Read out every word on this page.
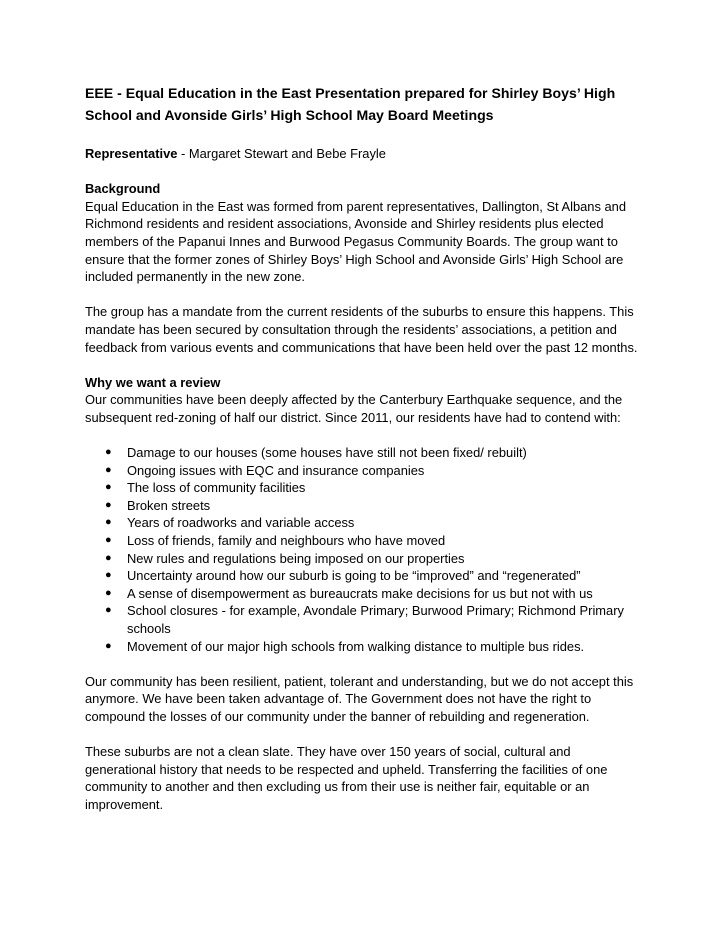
EEE - Equal Education in the East Presentation prepared for Shirley Boys’ High School and Avonside Girls’ High School May Board Meetings

Representative - Margaret Stewart and Bebe Frayle

Background
Equal Education in the East was formed from parent representatives, Dallington, St Albans and Richmond residents and resident associations, Avonside and Shirley residents plus elected members of the Papanui Innes and Burwood Pegasus Community Boards. The group want to ensure that the former zones of Shirley Boys’ High School and Avonside Girls’ High School are included permanently in the new zone.

The group has a mandate from the current residents of the suburbs to ensure this happens. This mandate has been secured by consultation through the residents’ associations, a petition and feedback from various events and communications that have been held over the past 12 months.

Why we want a review
Our communities have been deeply affected by the Canterbury Earthquake sequence, and the subsequent red-zoning of half our district. Since 2011, our residents have had to contend with:

● Damage to our houses (some houses have still not been fixed/ rebuilt)
● Ongoing issues with EQC and insurance companies
● The loss of community facilities
● Broken streets
● Years of roadworks and variable access
● Loss of friends, family and neighbours who have moved
● New rules and regulations being imposed on our properties
● Uncertainty around how our suburb is going to be “improved” and “regenerated”
● A sense of disempowerment as bureaucrats make decisions for us but not with us
● School closures - for example, Avondale Primary; Burwood Primary; Richmond Primary schools
● Movement of our major high schools from walking distance to multiple bus rides.

Our community has been resilient, patient, tolerant and understanding, but we do not accept this anymore. We have been taken advantage of. The Government does not have the right to compound the losses of our community under the banner of rebuilding and regeneration.

These suburbs are not a clean slate. They have over 150 years of social, cultural and generational history that needs to be respected and upheld. Transferring the facilities of one community to another and then excluding us from their use is neither fair, equitable or an improvement.
